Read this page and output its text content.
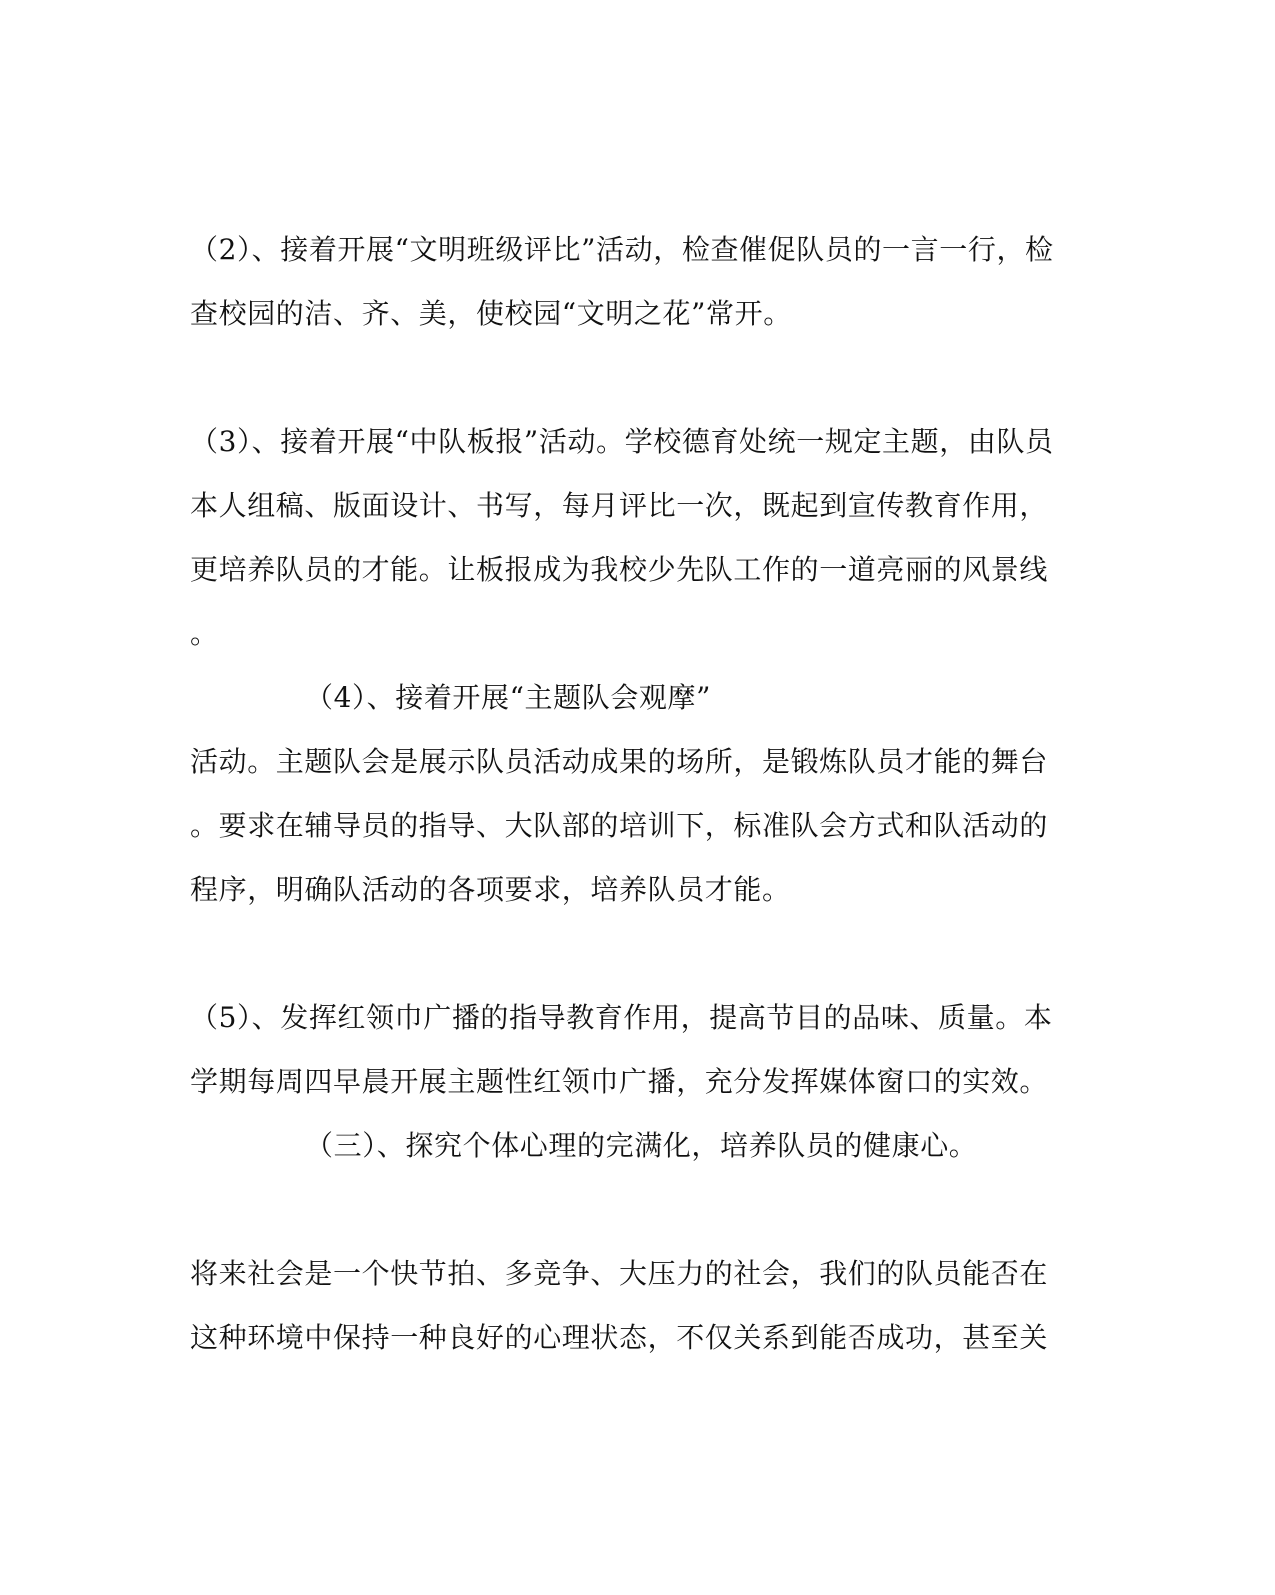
（2）、接着开展“文明班级评比”活动，检查催促队员的一言一行，检
查校园的洁、齐、美，使校园“文明之花”常开。
（3）、接着开展“中队板报”活动。学校德育处统一规定主题，由队员
本人组稿、版面设计、书写，每月评比一次，既起到宣传教育作用，
更培养队员的才能。让板报成为我校少先队工作的一道亮丽的风景线
。
（4）、接着开展“主题队会观摩”
活动。主题队会是展示队员活动成果的场所，是锻炼队员才能的舞台
。要求在辅导员的指导、大队部的培训下，标准队会方式和队活动的
程序，明确队活动的各项要求，培养队员才能。
（5）、发挥红领巾广播的指导教育作用，提高节目的品味、质量。本
学期每周四早晨开展主题性红领巾广播，充分发挥媒体窗口的实效。
（三）、探究个体心理的完满化，培养队员的健康心。
将来社会是一个快节拍、多竞争、大压力的社会，我们的队员能否在
这种环境中保持一种良好的心理状态，不仅关系到能否成功，甚至关
